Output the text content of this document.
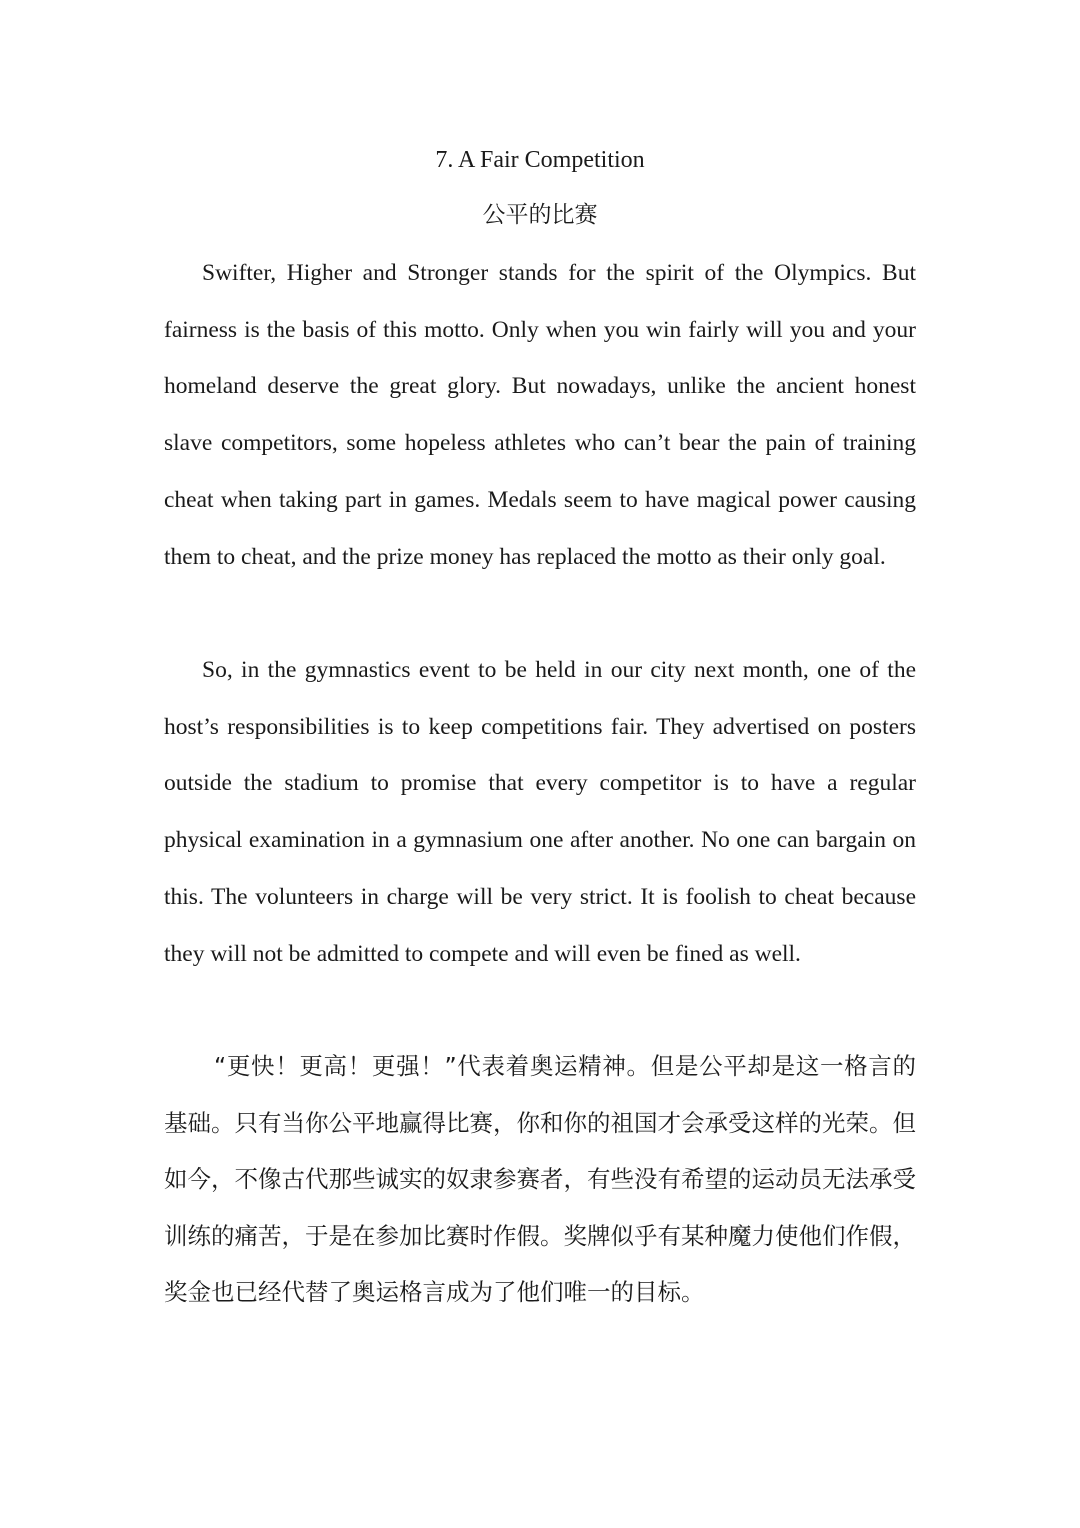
7. A Fair Competition
公平的比赛

Swifter, Higher and Stronger stands for the spirit of the Olympics. But fairness is the basis of this motto. Only when you win fairly will you and your homeland deserve the great glory. But nowadays, unlike the ancient honest slave competitors, some hopeless athletes who can’t bear the pain of training cheat when taking part in games. Medals seem to have magical power causing them to cheat, and the prize money has replaced the motto as their only goal.

So, in the gymnastics event to be held in our city next month, one of the host’s responsibilities is to keep competitions fair. They advertised on posters outside the stadium to promise that every competitor is to have a regular physical examination in a gymnasium one after another. No one can bargain on this. The volunteers in charge will be very strict. It is foolish to cheat because they will not be admitted to compete and will even be fined as well.

“更快！更高！更强！”代表着奥运精神。但是公平却是这一格言的基础。只有当你公平地赢得比赛，你和你的祖国才会承受这样的光荣。但如今，不像古代那些诚实的奴隶参赛者，有些没有希望的运动员无法承受训练的痛苦，于是在参加比赛时作假。奖牌似乎有某种魔力使他们作假，奖金也已经代替了奥运格言成为了他们唯一的目标。
